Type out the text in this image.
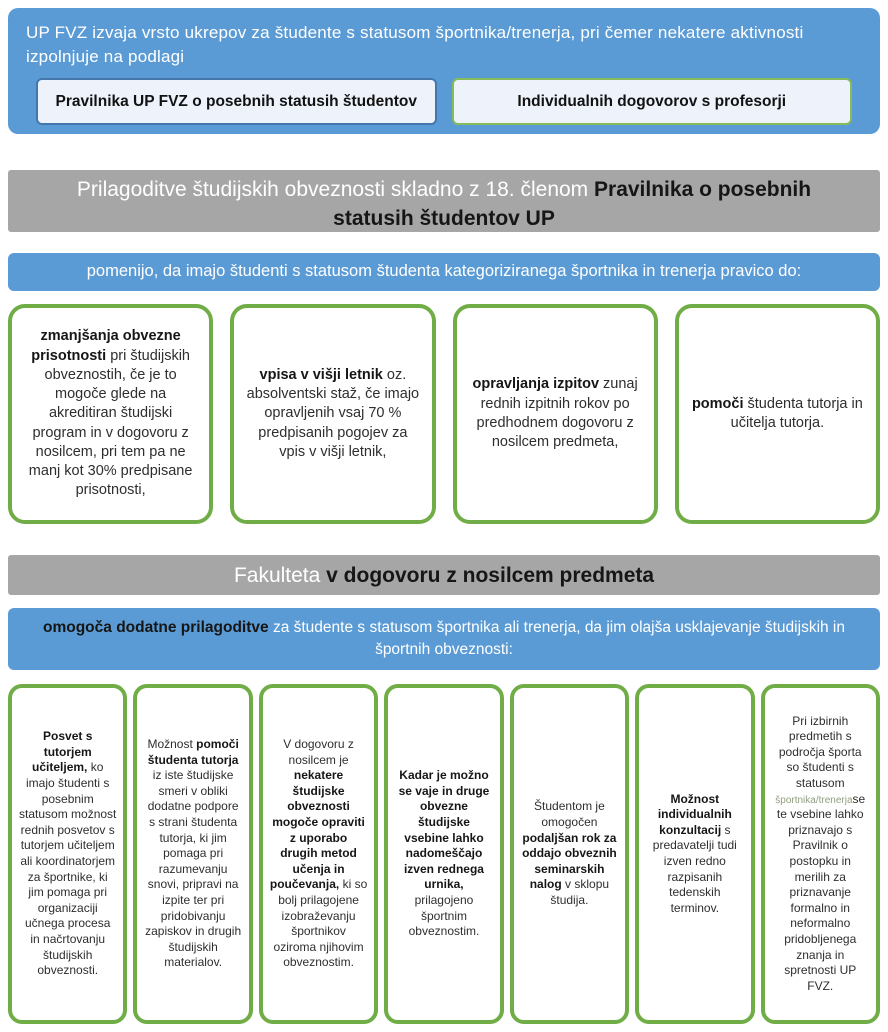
UP FVZ izvaja vrsto ukrepov za študente s statusom športnika/trenerja, pri čemer nekatere aktivnosti izpolnjuje na podlagi
Pravilnika UP FVZ o posebnih statusih študentov	Individualnih dogovorov s profesorji
Prilagoditve študijskih obveznosti skladno z 18. členom Pravilnika o posebnih statusih študentov UP
pomenijo, da imajo študenti s statusom študenta kategoriziranega športnika in trenerja pravico do:
zmanjšanja obvezne prisotnosti pri študijskih obveznostih, če je to mogoče glede na akreditiran študijski program in v dogovoru z nosilcem, pri tem pa ne manj kot 30% predpisane prisotnosti,
vpisa v višji letnik oz. absolventski staž, če imajo opravljenih vsaj 70 % predpisanih pogojev za vpis v višji letnik,
opravljanja izpitov zunaj rednih izpitnih rokov po predhodnem dogovoru z nosilcem predmeta,
pomoči študenta tutorja in učitelja tutorja.
Fakulteta v dogovoru z nosilcem predmeta
omogoča dodatne prilagoditve za študente s statusom športnika ali trenerja, da jim olajša usklajevanje študijskih in športnih obveznosti:
Posvet s tutorjem učiteljem, ko imajo študenti s posebnim statusom možnost rednih posvetov s tutorjem učiteljem ali koordinatorjem za športnike, ki jim pomaga pri organizaciji učnega procesa in načrtovanju študijskih obveznosti.
Možnost pomoči študenta tutorja iz iste študijske smeri v obliki dodatne podpore s strani študenta tutorja, ki jim pomaga pri razumevanju snovi, pripravi na izpite ter pri pridobivanju zapiskov in drugih študijskih materialov.
V dogovoru z nosilcem je nekatere študijske obveznosti mogoče opraviti z uporabo drugih metod učenja in poučevanja, ki so bolj prilagojene izobraževanju športnikov oziroma njihovim obveznostim.
Kadar je možno se vaje in druge obvezne študijske vsebine lahko nadomeščajo izven rednega urnika, prilagojeno športnim obveznostim.
Študentom je omogočen podaljšan rok za oddajo obveznih seminarskih nalog v sklopu študija.
Možnost individualnih konzultacij s predavatelji tudi izven redno razpisanih tedenskih terminov.
Pri izbirnih predmetih s področja športa so študenti s statusom športnika/trenerjase te vsebine lahko priznavajo s Pravilnik o postopku in merilih za priznavanje formalno in neformalno pridobljenega znanja in spretnosti UP FVZ.
